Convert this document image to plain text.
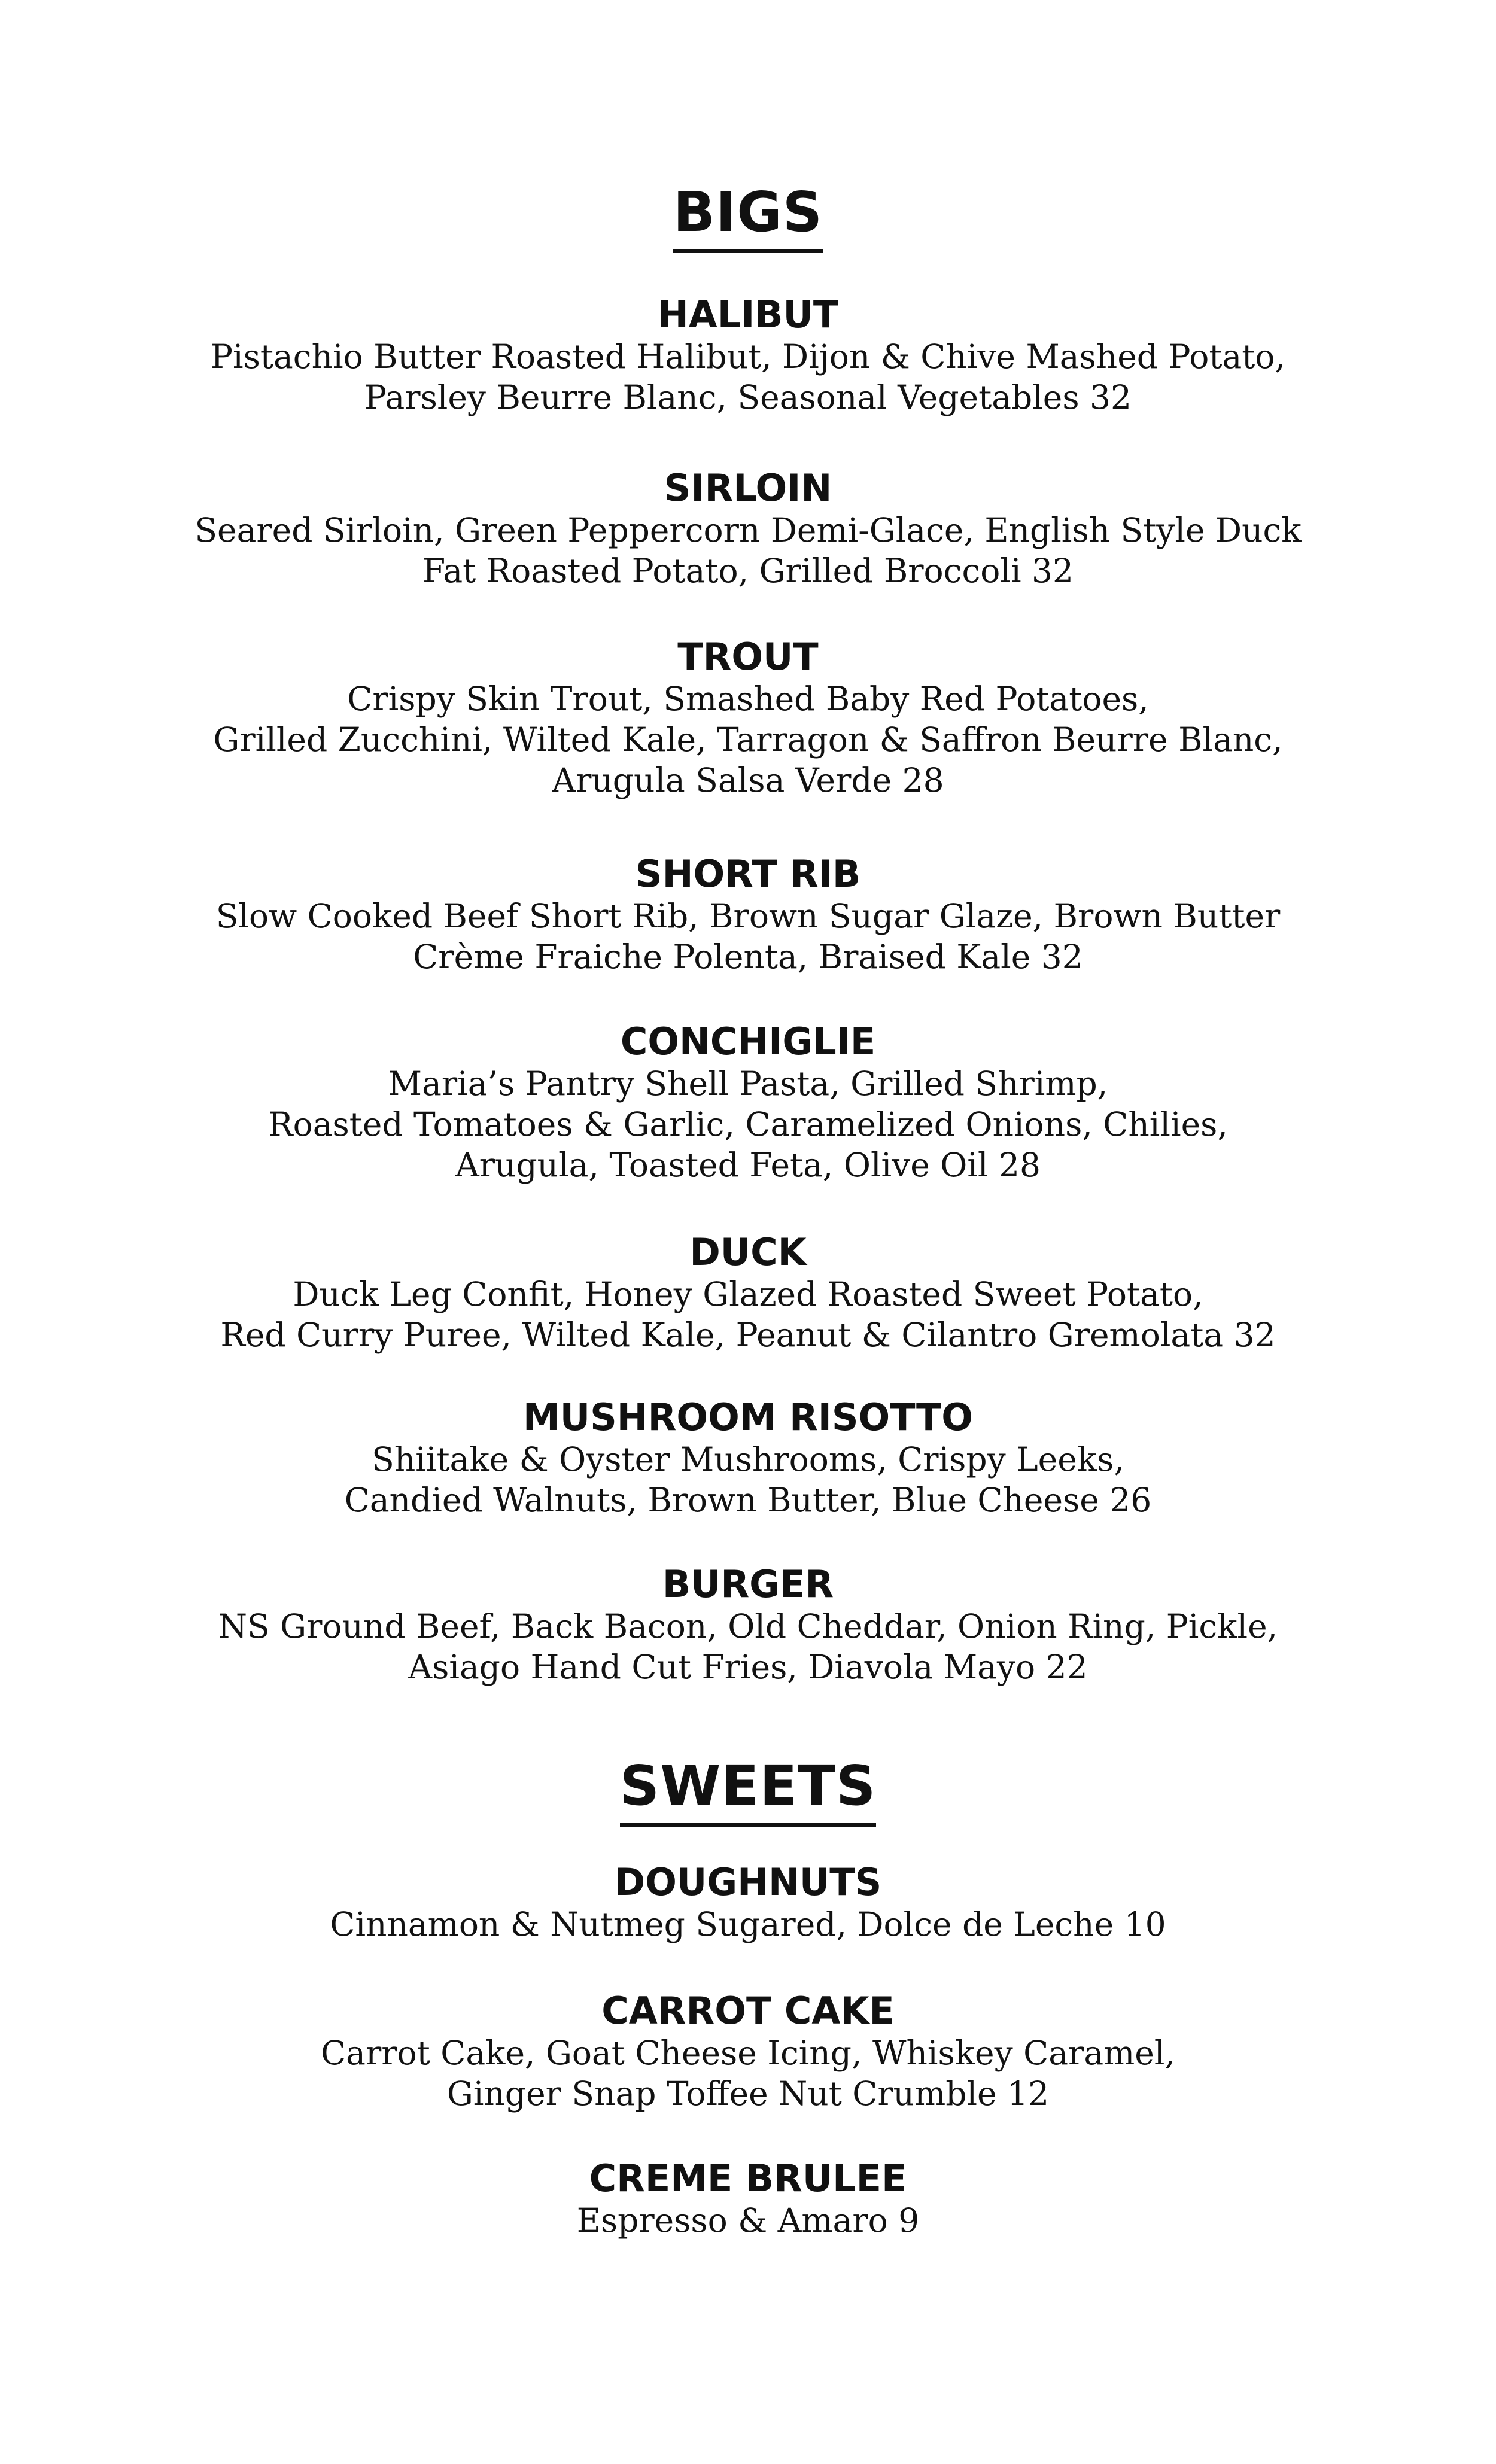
BIGS
HALIBUT

Pistachio Butter Roasted Halibut, Dijon & Chive Mashed Potato,
Parsley Beurre Blanc, Seasonal Vegetables 32

SIRLOIN

Seared Sirloin, Green Peppercorn Demi-Glace, English Style Duck
Fat Roasted Potato, Grilled Broccoli 32

TROUT

Crispy Skin Trout, Smashed Baby Red Potatoes,
Grilled Zucchini, Wilted Kale, Tarragon & Saffron Beurre Blanc,
Arugula Salsa Verde 28

SHORT RIB

Slow Cooked Beef Short Rib, Brown Sugar Glaze, Brown Butter
Crème Fraiche Polenta, Braised Kale 32

CONCHIGLIE

Maria’s Pantry Shell Pasta, Grilled Shrimp,
Roasted Tomatoes & Garlic, Caramelized Onions, Chilies,
Arugula, Toasted Feta, Olive Oil 28

DUCK

Duck Leg Confit, Honey Glazed Roasted Sweet Potato,
Red Curry Puree, Wilted Kale, Peanut & Cilantro Gremolata 32

MUSHROOM RISOTTO

Shiitake & Oyster Mushrooms, Crispy Leeks,
Candied Walnuts, Brown Butter, Blue Cheese 26

BURGER

NS Ground Beef, Back Bacon, Old Cheddar, Onion Ring, Pickle,
Asiago Hand Cut Fries, Diavola Mayo 22

SWEETS
DOUGHNUTS

Cinnamon & Nutmeg Sugared, Dolce de Leche 10

CARROT CAKE

Carrot Cake, Goat Cheese Icing, Whiskey Caramel,
Ginger Snap Toffee Nut Crumble 12

CREME BRULEE

Espresso & Amaro 9
